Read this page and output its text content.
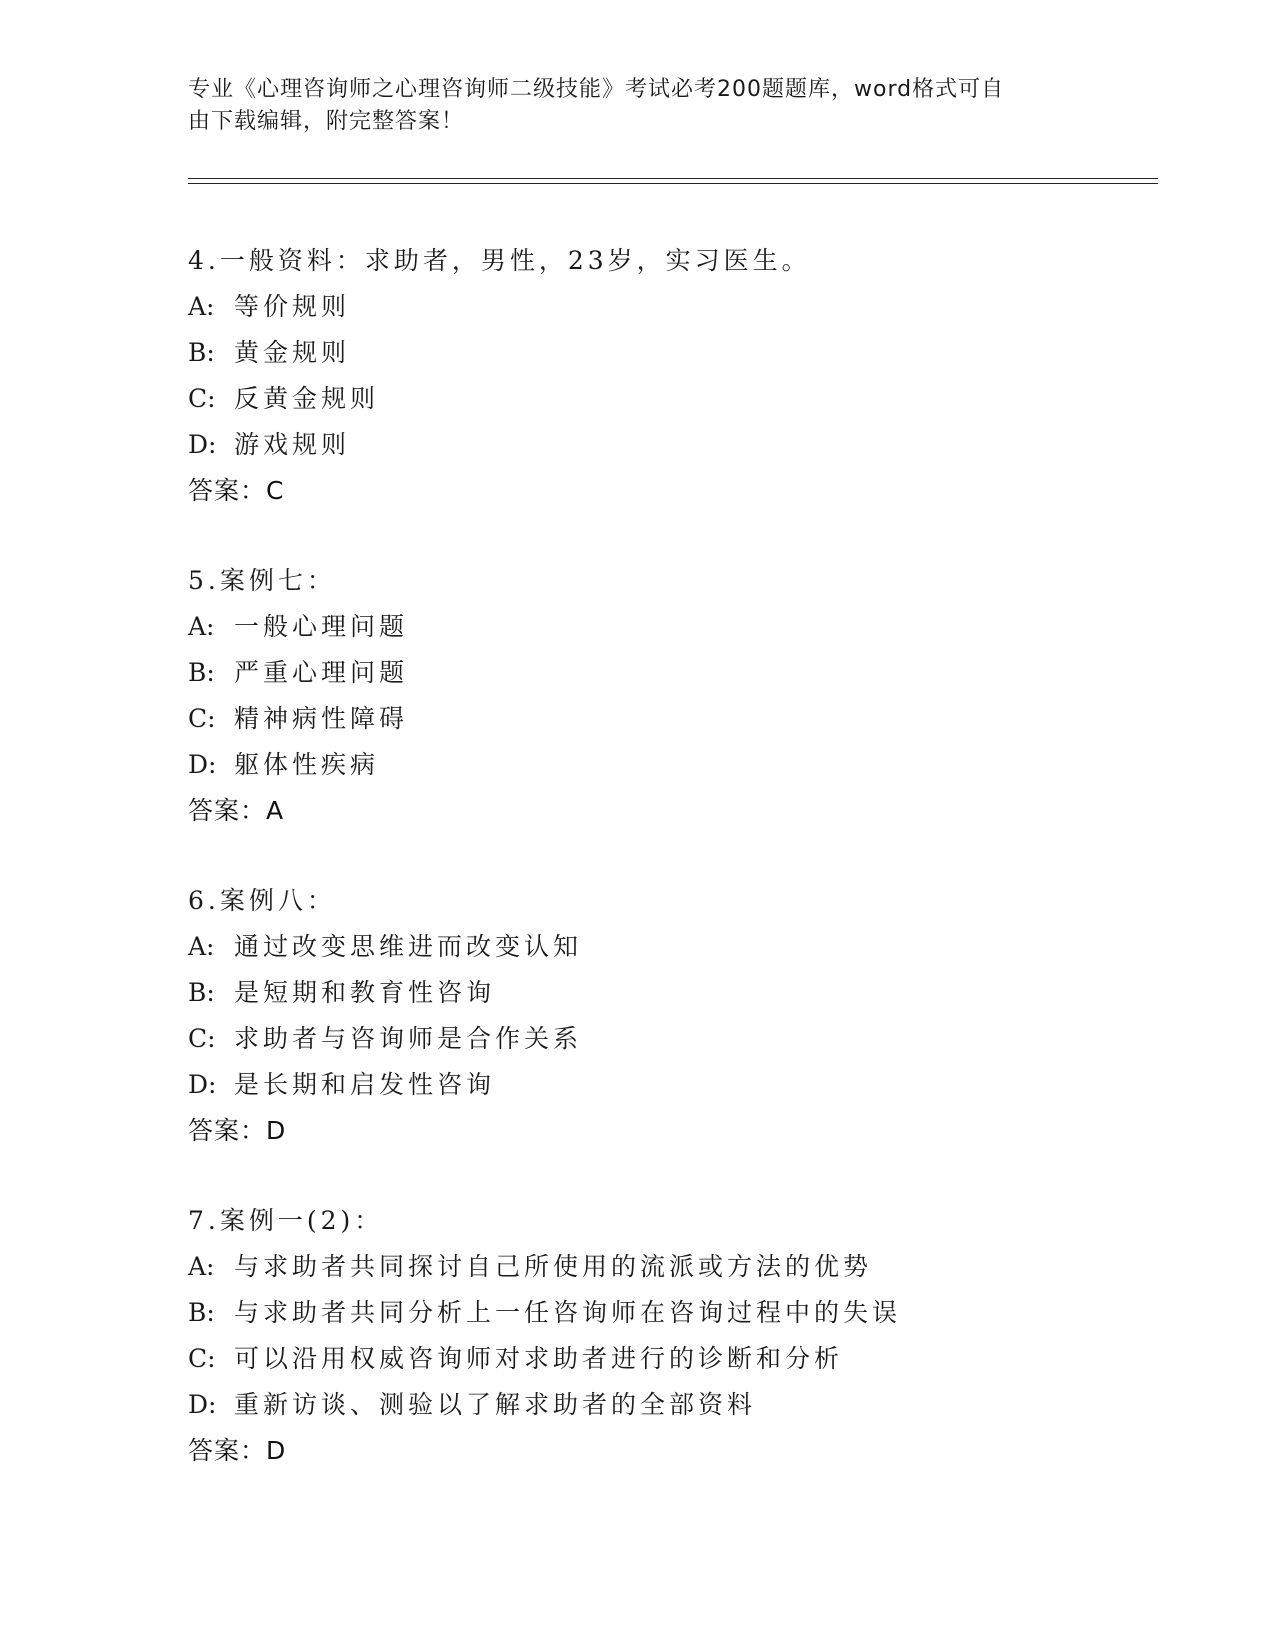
专业《心理咨询师之心理咨询师二级技能》考试必考200题题库，word格式可自
由下载编辑，附完整答案！
4.一般资料：求助者，男性，23岁，实习医生。
A: 等价规则
B: 黄金规则
C: 反黄金规则
D: 游戏规则
答案：C
5.案例七：
A: 一般心理问题
B: 严重心理问题
C: 精神病性障碍
D: 躯体性疾病
答案：A
6.案例八：
A: 通过改变思维进而改变认知
B: 是短期和教育性咨询
C: 求助者与咨询师是合作关系
D: 是长期和启发性咨询
答案：D
7.案例一(2)：
A: 与求助者共同探讨自己所使用的流派或方法的优势
B: 与求助者共同分析上一任咨询师在咨询过程中的失误
C: 可以沿用权威咨询师对求助者进行的诊断和分析
D: 重新访谈、测验以了解求助者的全部资料
答案：D
